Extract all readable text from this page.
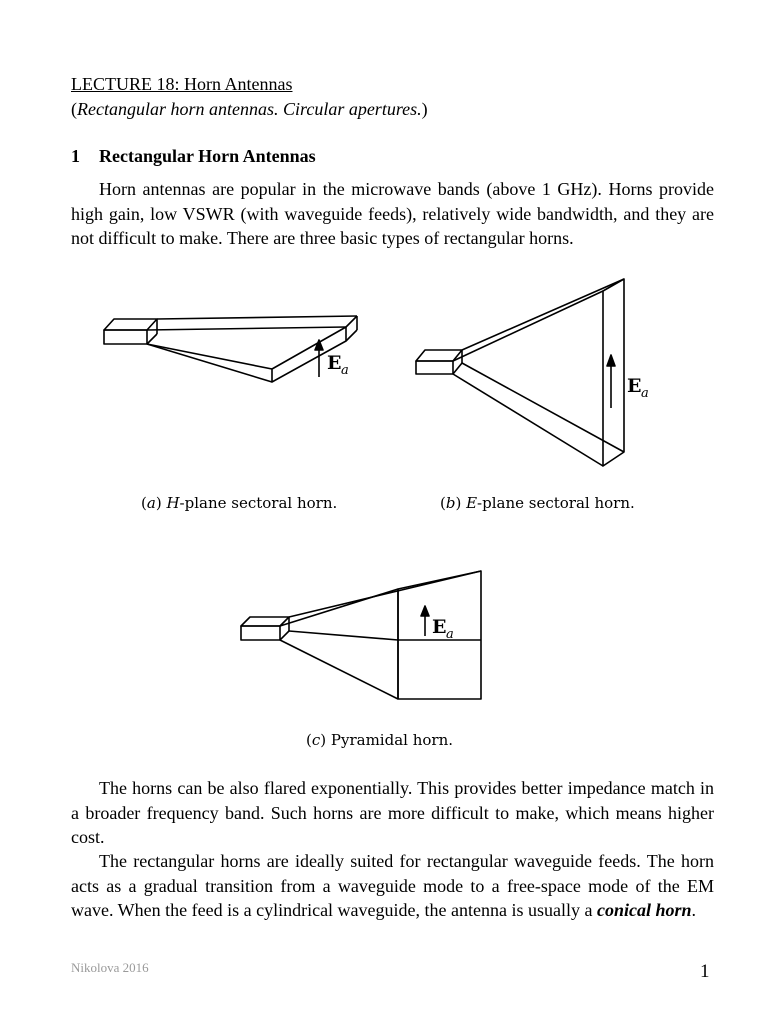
LECTURE 18: Horn Antennas
(Rectangular horn antennas. Circular apertures.)
1 Rectangular Horn Antennas

Horn antennas are popular in the microwave bands (above 1 GHz). Horns provide high gain, low VSWR (with waveguide feeds), relatively wide bandwidth, and they are not difficult to make. There are three basic types of rectangular horns.

E a
E a
E a
(a) H-plane sectoral horn.	(b) E-plane sectoral horn.
(c) Pyramidal horn.

The horns can be also flared exponentially. This provides better impedance match in a broader frequency band. Such horns are more difficult to make, which means higher cost.

The rectangular horns are ideally suited for rectangular waveguide feeds. The horn acts as a gradual transition from a waveguide mode to a free-space mode of the EM wave. When the feed is a cylindrical waveguide, the antenna is usually a conical horn.

Nikolova 2016	1
